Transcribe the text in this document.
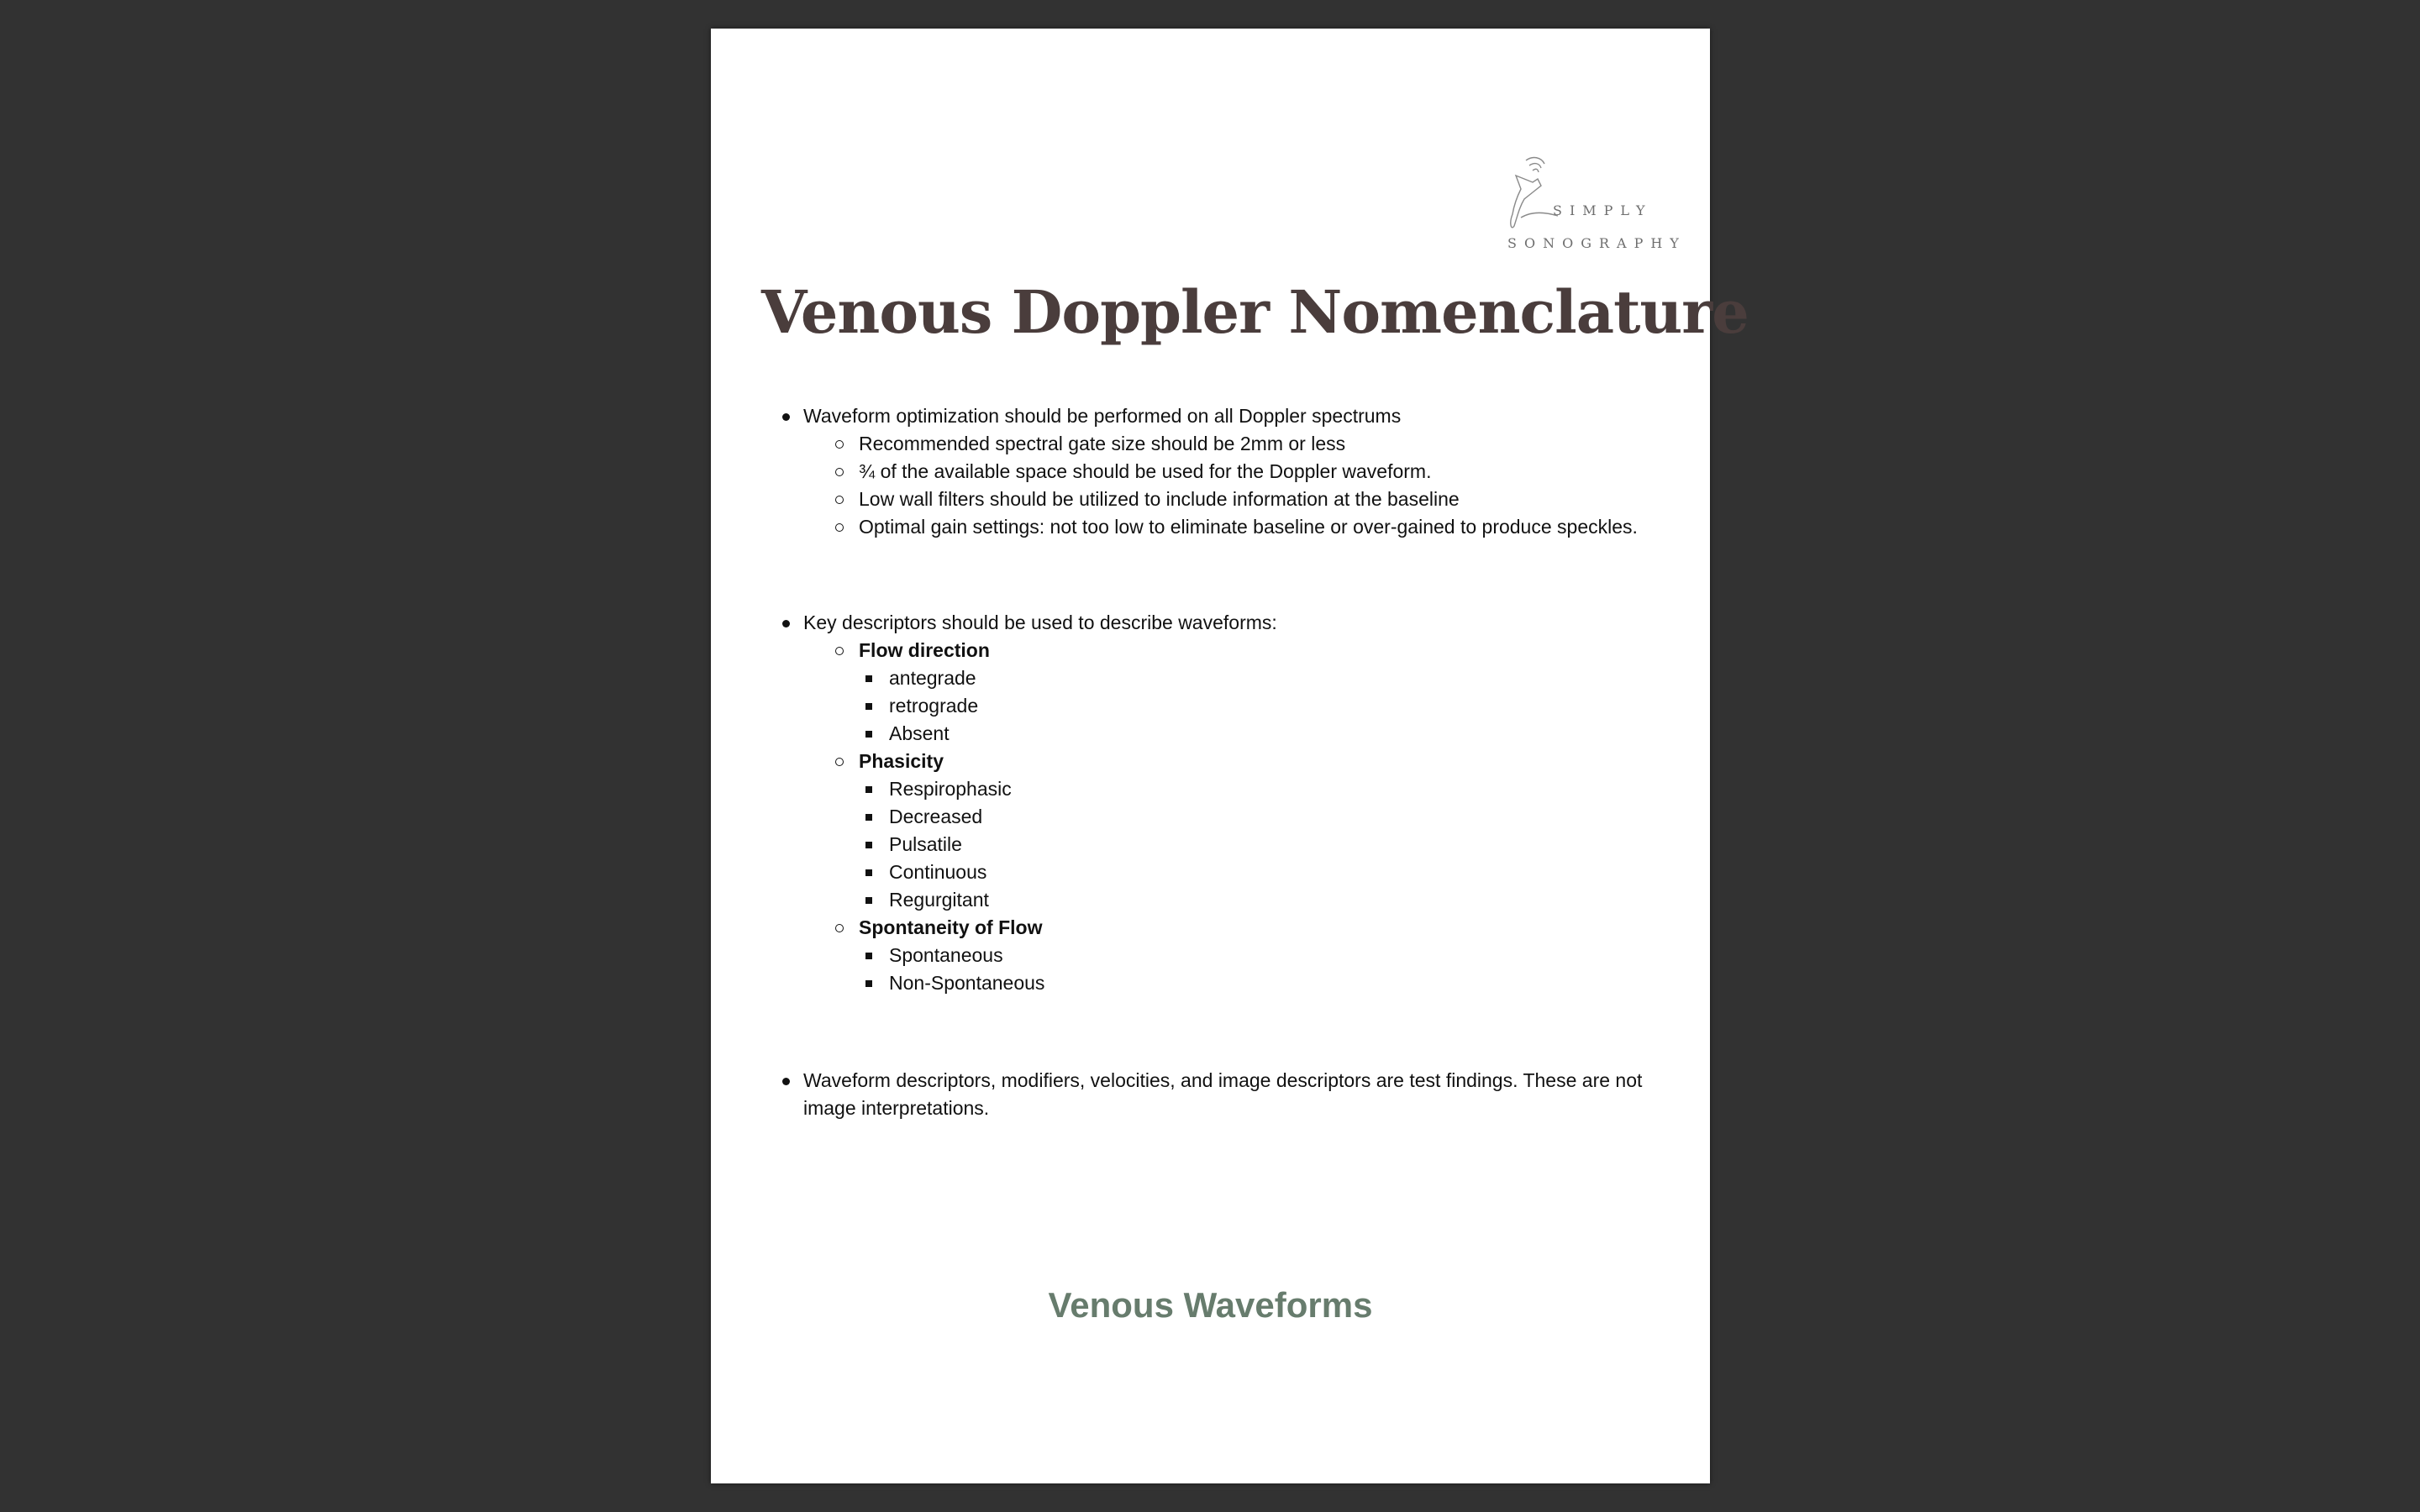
SIMPLY
SONOGRAPHY
Venous Doppler Nomenclature
Waveform optimization should be performed on all Doppler spectrums
Recommended spectral gate size should be 2mm or less
¾ of the available space should be used for the Doppler waveform.
Low wall filters should be utilized to include information at the baseline
Optimal gain settings: not too low to eliminate baseline or over-gained to produce speckles.
Key descriptors should be used to describe waveforms:
Flow direction
antegrade
retrograde
Absent
Phasicity
Respirophasic
Decreased
Pulsatile
Continuous
Regurgitant
Spontaneity of Flow
Spontaneous
Non-Spontaneous
Waveform descriptors, modifiers, velocities, and image descriptors are test findings. These are not image interpretations.
Venous Waveforms
